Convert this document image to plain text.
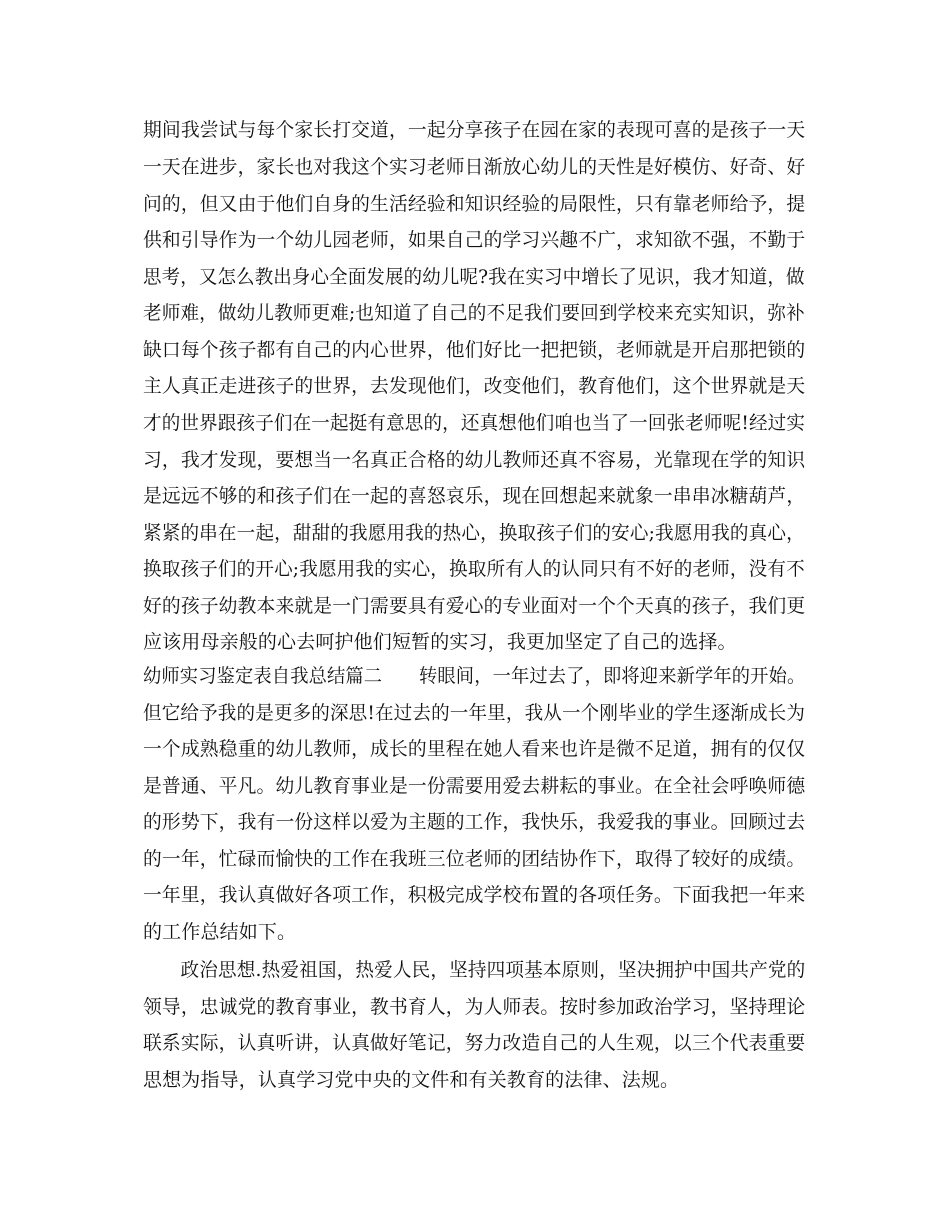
期间我尝试与每个家长打交道，一起分享孩子在园在家的表现可喜的是孩子一天
一天在进步，家长也对我这个实习老师日渐放心幼儿的天性是好模仿、好奇、好
问的，但又由于他们自身的生活经验和知识经验的局限性，只有靠老师给予，提
供和引导作为一个幼儿园老师，如果自己的学习兴趣不广，求知欲不强，不勤于
思考，又怎么教出身心全面发展的幼儿呢?我在实习中增长了见识，我才知道，做
老师难，做幼儿教师更难;也知道了自己的不足我们要回到学校来充实知识，弥补
缺口每个孩子都有自己的内心世界，他们好比一把把锁，老师就是开启那把锁的
主人真正走进孩子的世界，去发现他们，改变他们，教育他们，这个世界就是天
才的世界跟孩子们在一起挺有意思的，还真想他们咱也当了一回张老师呢!经过实
习，我才发现，要想当一名真正合格的幼儿教师还真不容易，光靠现在学的知识
是远远不够的和孩子们在一起的喜怒哀乐，现在回想起来就象一串串冰糖葫芦，
紧紧的串在一起，甜甜的我愿用我的热心，换取孩子们的安心;我愿用我的真心，
换取孩子们的开心;我愿用我的实心，换取所有人的认同只有不好的老师，没有不
好的孩子幼教本来就是一门需要具有爱心的专业面对一个个天真的孩子，我们更
应该用母亲般的心去呵护他们短暂的实习，我更加坚定了自己的选择。
幼师实习鉴定表自我总结篇二　　转眼间，一年过去了，即将迎来新学年的开始。
但它给予我的是更多的深思!在过去的一年里，我从一个刚毕业的学生逐渐成长为
一个成熟稳重的幼儿教师，成长的里程在她人看来也许是微不足道，拥有的仅仅
是普通、平凡。幼儿教育事业是一份需要用爱去耕耘的事业。在全社会呼唤师德
的形势下，我有一份这样以爱为主题的工作，我快乐，我爱我的事业。回顾过去
的一年，忙碌而愉快的工作在我班三位老师的团结协作下，取得了较好的成绩。
一年里，我认真做好各项工作，积极完成学校布置的各项任务。下面我把一年来
的工作总结如下。
　　政治思想.热爱祖国，热爱人民，坚持四项基本原则，坚决拥护中国共产党的
领导，忠诚党的教育事业，教书育人，为人师表。按时参加政治学习，坚持理论
联系实际，认真听讲，认真做好笔记，努力改造自己的人生观，以三个代表重要
思想为指导，认真学习党中央的文件和有关教育的法律、法规。
